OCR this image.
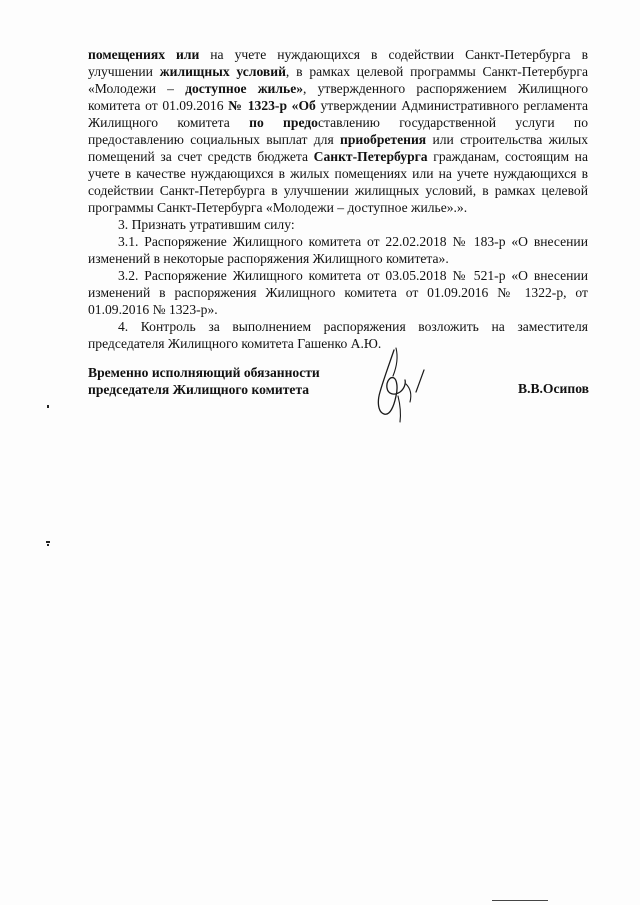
помещениях или на учете нуждающихся в содействии Санкт-Петербурга в улучшении жилищных условий, в рамках целевой программы Санкт-Петербурга «Молодежи – доступное жилье», утвержденного распоряжением Жилищного комитета от 01.09.2016 № 1323-р «Об утверждении Административного регламента Жилищного комитета по предоставлению государственной услуги по предоставлению социальных выплат для приобретения или строительства жилых помещений за счет средств бюджета Санкт-Петербурга гражданам, состоящим на учете в качестве нуждающихся в жилых помещениях или на учете нуждающихся в содействии Санкт-Петербурга в улучшении жилищных условий, в рамках целевой программы Санкт-Петербурга «Молодежи – доступное жилье».».

3. Признать утратившим силу:

3.1. Распоряжение Жилищного комитета от 22.02.2018 № 183-р «О внесении изменений в некоторые распоряжения Жилищного комитета».

3.2. Распоряжение Жилищного комитета от 03.05.2018 № 521-р «О внесении изменений в распоряжения Жилищного комитета от 01.09.2016 № 1322-р, от 01.09.2016 № 1323-р».

4. Контроль за выполнением распоряжения возложить на заместителя председателя Жилищного комитета Гашенко А.Ю.

Временно исполняющий обязанности
председателя Жилищного комитета	В.В.Осипов
